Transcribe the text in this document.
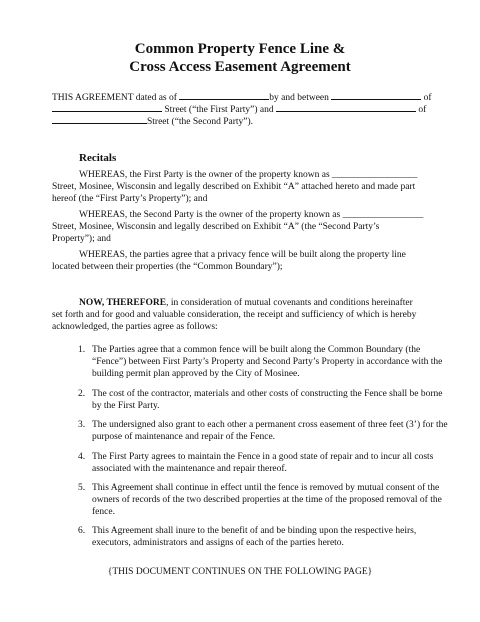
Common Property Fence Line &
Cross Access Easement Agreement
THIS AGREEMENT dated as of	by and between	of
Street (“the First Party”) and	of
Street (“the Second Party”).
Recitals
WHEREAS, the First Party is the owner of the property known as __________________ Street, Mosinee, Wisconsin and legally described on Exhibit “A” attached hereto and made part hereof (the “First Party’s Property”); and
WHEREAS, the Second Party is the owner of the property known as _________________ Street, Mosinee, Wisconsin and legally described on Exhibit “A” (the “Second Party’s Property”); and
WHEREAS, the parties agree that a privacy fence will be built along the property line located between their properties (the “Common Boundary”);
NOW, THEREFORE, in consideration of mutual covenants and conditions hereinafter set forth and for good and valuable consideration, the receipt and sufficiency of which is hereby acknowledged, the parties agree as follows:
1. The Parties agree that a common fence will be built along the Common Boundary (the “Fence”) between First Party’s Property and Second Party’s Property in accordance with the building permit plan approved by the City of Mosinee.
2. The cost of the contractor, materials and other costs of constructing the Fence shall be borne by the First Party.
3. The undersigned also grant to each other a permanent cross easement of three feet (3’) for the purpose of maintenance and repair of the Fence.
4. The First Party agrees to maintain the Fence in a good state of repair and to incur all costs associated with the maintenance and repair thereof.
5. This Agreement shall continue in effect until the fence is removed by mutual consent of the owners of records of the two described properties at the time of the proposed removal of the fence.
6. This Agreement shall inure to the benefit of and be binding upon the respective heirs, executors, administrators and assigns of each of the parties hereto.
{THIS DOCUMENT CONTINUES ON THE FOLLOWING PAGE}
